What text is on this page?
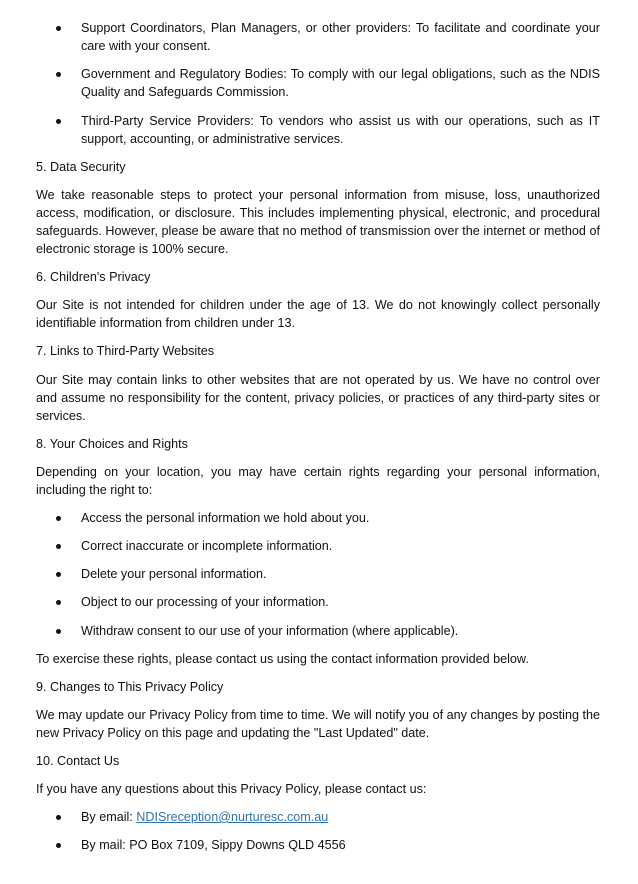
Support Coordinators, Plan Managers, or other providers: To facilitate and coordinate your care with your consent.
Government and Regulatory Bodies: To comply with our legal obligations, such as the NDIS Quality and Safeguards Commission.
Third-Party Service Providers: To vendors who assist us with our operations, such as IT support, accounting, or administrative services.
5. Data Security
We take reasonable steps to protect your personal information from misuse, loss, unauthorized access, modification, or disclosure. This includes implementing physical, electronic, and procedural safeguards. However, please be aware that no method of transmission over the internet or method of electronic storage is 100% secure.
6. Children's Privacy
Our Site is not intended for children under the age of 13. We do not knowingly collect personally identifiable information from children under 13.
7. Links to Third-Party Websites
Our Site may contain links to other websites that are not operated by us. We have no control over and assume no responsibility for the content, privacy policies, or practices of any third-party sites or services.
8. Your Choices and Rights
Depending on your location, you may have certain rights regarding your personal information, including the right to:
Access the personal information we hold about you.
Correct inaccurate or incomplete information.
Delete your personal information.
Object to our processing of your information.
Withdraw consent to our use of your information (where applicable).
To exercise these rights, please contact us using the contact information provided below.
9. Changes to This Privacy Policy
We may update our Privacy Policy from time to time. We will notify you of any changes by posting the new Privacy Policy on this page and updating the "Last Updated" date.
10. Contact Us
If you have any questions about this Privacy Policy, please contact us:
By email: NDISreception@nurturesc.com.au
By mail: PO Box 7109, Sippy Downs QLD 4556
